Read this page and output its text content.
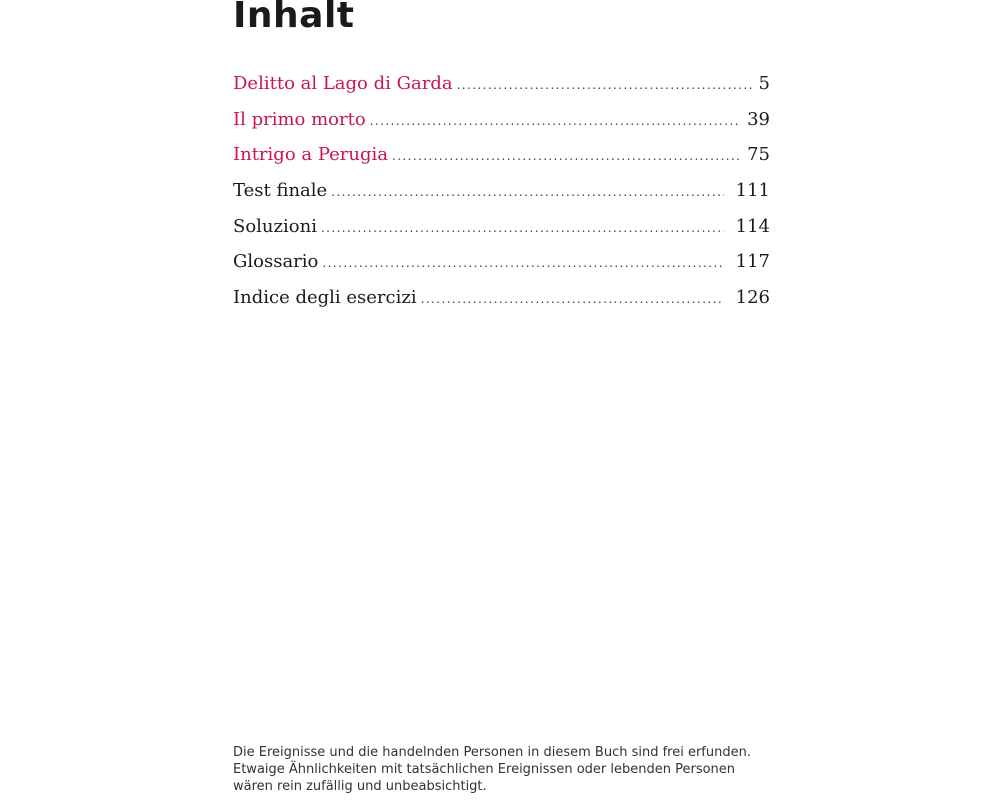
Inhalt
Delitto al Lago di Garda .....	5
Il primo morto .....	39
Intrigo a Perugia .....	75
Test finale .....	111
Soluzioni .....	114
Glossario .....	117
Indice degli esercizi .....	126

Die Ereignisse und die handelnden Personen in diesem Buch sind frei erfunden.
Etwaige Ähnlichkeiten mit tatsächlichen Ereignissen oder lebenden Personen
wären rein zufällig und unbeabsichtigt.
